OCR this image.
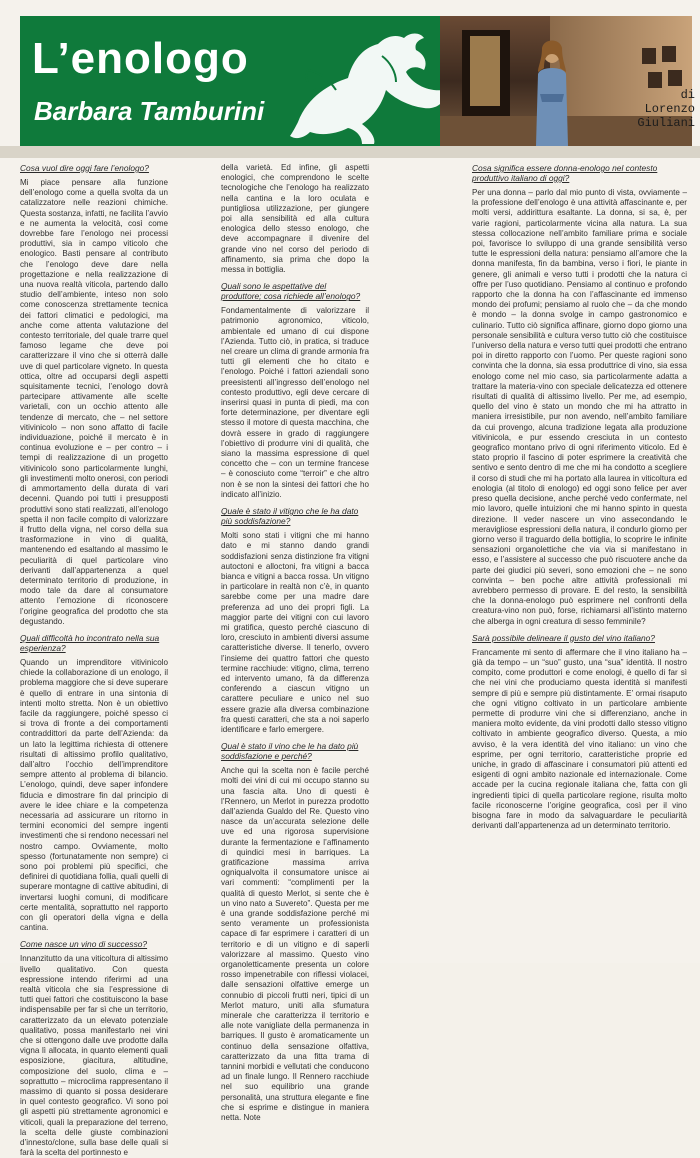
L’enologo
Barbara Tamburini
di
Lorenzo
Giuliani
Cosa vuol dire oggi fare l’enologo?

Mi piace pensare alla funzione dell’enologo come a quella svolta da un catalizzatore nelle reazioni chimiche. Questa sostanza, infatti, ne facilita l’avvio e ne aumenta la velocità, così come dovrebbe fare l’enologo nei processi produttivi, sia in campo viticolo che enologico. Basti pensare al contributo che l’enologo deve dare nella progettazione e nella realizzazione di una nuova realtà viticola, partendo dallo studio dell’ambiente, inteso non solo come conoscenza strettamente tecnica dei fattori climatici e pedologici, ma anche come attenta valutazione del contesto territoriale, del quale trarre quel famoso legame che deve poi caratterizzare il vino che si otterrà dalle uve di quel particolare vigneto. In questa ottica, oltre ad occuparsi degli aspetti squisitamente tecnici, l’enologo dovrà partecipare attivamente alle scelte varietali, con un occhio attento alle tendenze di mercato, che – nel settore vitivinicolo – non sono affatto di facile individuazione, poiché il mercato è in continua evoluzione e – per contro – i tempi di realizzazione di un progetto vitivinicolo sono particolarmente lunghi, gli investimenti molto onerosi, con periodi di ammortamento della durata di vari decenni. Quando poi tutti i presupposti produttivi sono stati realizzati, all’enologo spetta il non facile compito di valorizzare il frutto della vigna, nel corso della sua trasformazione in vino di qualità, mantenendo ed esaltando al massimo le peculiarità di quel particolare vino derivanti dall’appartenenza a quel determinato territorio di produzione, in modo tale da dare al consumatore attento l’emozione di riconoscere l’origine geografica del prodotto che sta degustando.

Quali difficoltà ho incontrato nella sua esperienza?

Quando un imprenditore vitivinicolo chiede la collaborazione di un enologo, il problema maggiore che si deve superare è quello di entrare in una sintonia di intenti molto stretta. Non è un obiettivo facile da raggiungere, poiché spesso ci si trova di fronte a dei comportamenti contraddittori da parte dell’Azienda: da un lato la legittima richiesta di ottenere risultati di altissimo profilo qualitativo, dall’altro l’occhio dell’imprenditore sempre attento al problema di bilancio. L’enologo, quindi, deve saper infondere fiducia e dimostrare fin dal principio di avere le idee chiare e la competenza necessaria ad assicurare un ritorno in termini economici del sempre ingenti investimenti che si rendono necessari nel nostro campo. Ovviamente, molto spesso (fortunatamente non sempre) ci sono poi problemi più specifici, che definirei di quotidiana follia, quali quelli di superare montagne di cattive abitudini, di invertarsi luoghi comuni, di modificare certe mentalità, soprattutto nel rapporto con gli operatori della vigna e della cantina.

Come nasce un vino di successo?

Innanzitutto da una viticoltura di altissimo livello qualitativo. Con questa espressione intendo riferirmi ad una realtà viticola che sia l’espressione di tutti quei fattori che costituiscono la base indispensabile per far sì che un territorio, caratterizzato da un elevato potenziale qualitativo, possa manifestarlo nei vini che si ottengono dalle uve prodotte dalla vigna lì allocata, in quanto elementi quali esposizione, giacitura, altitudine, composizione del suolo, clima e – soprattutto – microclima rappresentano il massimo di quanto si possa desiderare in quel contesto geografico. Vi sono poi gli aspetti più strettamente agronomici e viticoli, quali la preparazione del terreno, la scelta delle giuste combinazioni d’innesto/clone, sulla base delle quali si farà la scelta del portinnesto e

della varietà. Ed infine, gli aspetti enologici, che comprendono le scelte tecnologiche che l’enologo ha realizzato nella cantina e la loro oculata e puntigliosa utilizzazione, per giungere poi alla sensibilità ed alla cultura enologica dello stesso enologo, che deve accompagnare il divenire del grande vino nel corso del periodo di affinamento, sia prima che dopo la messa in bottiglia.

Quali sono le aspettative del produttore; cosa richiede all’enologo?

Fondamentalmente di valorizzare il patrimonio agronomico, viticolo, ambientale ed umano di cui dispone l’Azienda. Tutto ciò, in pratica, si traduce nel creare un clima di grande armonia fra tutti gli elementi che ho citato e l’enologo. Poiché i fattori aziendali sono preesistenti all’ingresso dell’enologo nel contesto produttivo, egli deve cercare di inserirsi quasi in punta di piedi, ma con forte determinazione, per diventare egli stesso il motore di questa macchina, che dovrà essere in grado di raggiungere l’obiettivo di produrre vini di qualità, che siano la massima espressione di quel concetto che – con un termine francese – è conosciuto come “terroir” e che altro non è se non la sintesi dei fattori che ho indicato all’inizio.

Quale è stato il vitigno che le ha dato più soddisfazione?

Molti sono stati i vitigni che mi hanno dato e mi stanno dando grandi soddisfazioni senza distinzione fra vitigni autoctoni e alloctoni, fra vitigni a bacca bianca e vitigni a bacca rossa. Un vitigno in particolare in realtà non c’è, in quanto sarebbe come per una madre dare preferenza ad uno dei propri figli. La maggior parte dei vitigni con cui lavoro mi gratifica, questo perché ciascuno di loro, cresciuto in ambienti diversi assume caratteristiche diverse. Il tenerlo, ovvero l’insieme dei quattro fattori che questo termine racchiude: vitigno, clima, terreno ed intervento umano, fà da differenza conferendo a ciascun vitigno un carattere peculiare e unico nel suo essere grazie alla diversa combinazione fra questi caratteri, che sta a noi saperlo identificare e farlo emergere.

Qual è stato il vino che le ha dato più soddisfazione e perché?

Anche qui la scelta non è facile perché molti dei vini di cui mi occupo stanno su una fascia alta. Uno di questi è l’Rennero, un Merlot in purezza prodotto dall’azienda Gualdo del Re. Questo vino nasce da un’accurata selezione delle uve ed una rigorosa supervisione durante la fermentazione e l’affinamento di quindici mesi in barriques. La gratificazione massima arriva ogniqualvolta il consumatore unisce ai vari commenti: “complimenti per la qualità di questo Merlot, si sente che è un vino nato a Suvereto”. Questa per me è una grande soddisfazione perché mi sento veramente un professionista capace di far esprimere i caratteri di un territorio e di un vitigno e di saperli valorizzare al massimo. Questo vino organoletticamente presenta un colore rosso impenetrabile con riflessi violacei, dalle sensazioni olfattive emerge un connubio di piccoli frutti neri, tipici di un Merlot maturo, uniti alla sfumatura minerale che caratterizza il territorio e alle note vanigliate della permanenza in barriques. Il gusto è aromaticamente un continuo della sensazione olfattiva, caratterizzato da una fitta trama di tannini morbidi e vellutati che conducono ad un finale lungo. Il Rennero racchiude nel suo equilibrio una grande personalità, una struttura elegante e fine che si esprime e distingue in maniera netta. Note

Cosa significa essere donna-enologo nel contesto produttivo italiano di oggi?

Per una donna – parlo dal mio punto di vista, ovviamente – la professione dell’enologo è una attività affascinante e, per molti versi, addirittura esaltante. La donna, si sa, è, per varie ragioni, particolarmente vicina alla natura. La sua stessa collocazione nell’ambito familiare prima e sociale poi, favorisce lo sviluppo di una grande sensibilità verso tutte le espressioni della natura: pensiamo all’amore che la donna manifesta, fin da bambina, verso i fiori, le piante in genere, gli animali e verso tutti i prodotti che la natura ci offre per l’uso quotidiano. Pensiamo al continuo e profondo rapporto che la donna ha con l’affascinante ed immenso mondo dei profumi; pensiamo al ruolo che – da che mondo è mondo – la donna svolge in campo gastronomico e culinario. Tutto ciò significa affinare, giorno dopo giorno una personale sensibilità e cultura verso tutto ciò che costituisce l’universo della natura e verso tutti quei prodotti che entrano poi in diretto rapporto con l’uomo. Per queste ragioni sono convinta che la donna, sia essa produttrice di vino, sia essa enologo come nel mio caso, sia particolarmente adatta a trattare la materia-vino con speciale delicatezza ed ottenere risultati di qualità di altissimo livello. Per me, ad esempio, quello del vino è stato un mondo che mi ha attratto in maniera irresistibile, pur non avendo, nell’ambito familiare da cui provengo, alcuna tradizione legata alla produzione vitivinicola, e pur essendo cresciuta in un contesto geografico montano privo di ogni riferimento viticolo. Ed è stato proprio il fascino di poter esprimere la creatività che sentivo e sento dentro di me che mi ha condotto a scegliere il corso di studi che mi ha portato alla laurea in viticoltura ed enologia (al titolo di enologo) ed oggi sono felice per aver preso quella decisione, anche perché vedo confermate, nel mio lavoro, quelle intuizioni che mi hanno spinto in questa direzione. Il veder nascere un vino assecondando le meravigliose espressioni della natura, il condurlo giorno per giorno verso il traguardo della bottiglia, lo scoprire le infinite sensazioni organolettiche che via via si manifestano in esso, e l’assistere al successo che può riscuotere anche da parte dei giudici più severi, sono emozioni che – ne sono convinta – ben poche altre attività professionali mi avrebbero permesso di provare. E del resto, la sensibilità che la donna-enologo può esprimere nel confronti della creatura-vino non può, forse, richiamarsi all’istinto materno che alberga in ogni creatura di sesso femminile?

Sarà possibile delineare il gusto del vino italiano?

Francamente mi sento di affermare che il vino italiano ha – già da tempo – un “suo” gusto, una “sua” identità. Il nostro compito, come produttori e come enologi, è quello di far sì che nei vini che produciamo questa identità si manifesti sempre di più e sempre più distintamente. E’ ormai risaputo che ogni vitigno coltivato in un particolare ambiente permette di produrre vini che si differenziano, anche in maniera molto evidente, da vini prodotti dallo stesso vitigno coltivato in ambiente geografico diverso. Questa, a mio avviso, è la vera identità del vino italiano: un vino che esprime, per ogni territorio, caratteristiche proprie ed uniche, in grado di affascinare i consumatori più attenti ed esigenti di ogni ambito nazionale ed internazionale. Come accade per la cucina regionale italiana che, fatta con gli ingredienti tipici di quella particolare regione, risulta molto facile riconoscerne l’origine geografica, così per il vino bisogna fare in modo da salvaguardare le peculiarità derivanti dall’appartenenza ad un determinato territorio.
